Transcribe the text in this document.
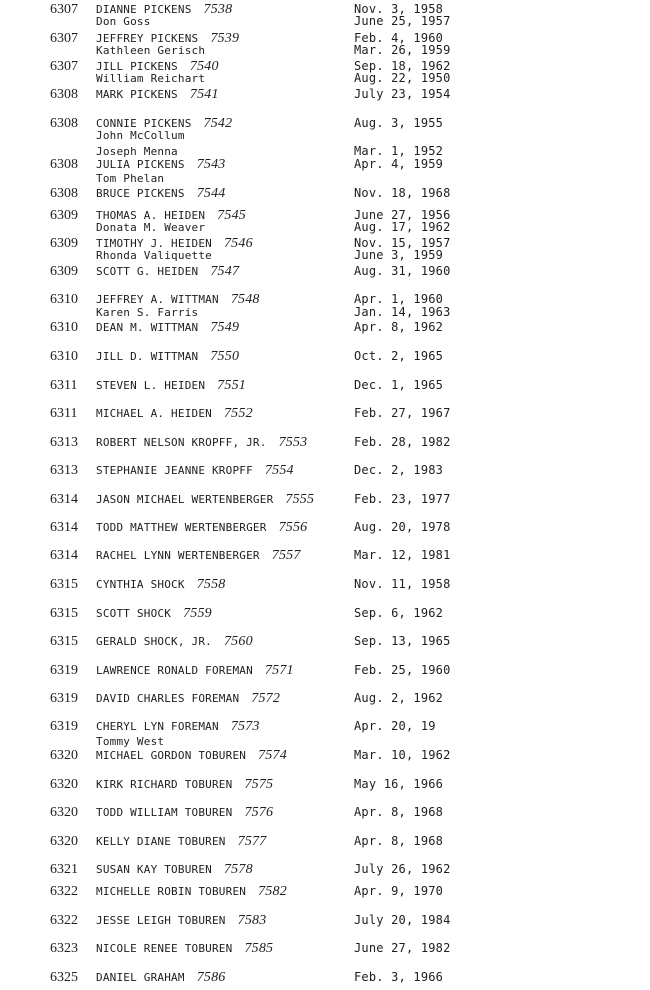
6307 DIANNE PICKENS 7538	Nov. 3, 1958
Don Goss	June 25, 1957
6307 JEFFREY PICKENS 7539	Feb. 4, 1960
Kathleen Gerisch	Mar. 26, 1959
6307 JILL PICKENS 7540	Sep. 18, 1962
William Reichart	Aug. 22, 1950
6308 MARK PICKENS 7541	July 23, 1954
6308 CONNIE PICKENS 7542	Aug. 3, 1955
John McCollum
Joseph Menna	Mar. 1, 1952
6308 JULIA PICKENS 7543	Apr. 4, 1959
Tom Phelan
6308 BRUCE PICKENS 7544	Nov. 18, 1968
6309 THOMAS A. HEIDEN 7545	June 27, 1956
Donata M. Weaver	Aug. 17, 1962
6309 TIMOTHY J. HEIDEN 7546	Nov. 15, 1957
Rhonda Valiquette	June 3, 1959
6309 SCOTT G. HEIDEN 7547	Aug. 31, 1960
6310 JEFFREY A. WITTMAN 7548	Apr. 1, 1960
Karen S. Farris	Jan. 14, 1963
6310 DEAN M. WITTMAN 7549	Apr. 8, 1962
6310 JILL D. WITTMAN 7550	Oct. 2, 1965
6311 STEVEN L. HEIDEN 7551	Dec. 1, 1965
6311 MICHAEL A. HEIDEN 7552	Feb. 27, 1967
6313 ROBERT NELSON KROPFF, JR. 7553	Feb. 28, 1982
6313 STEPHANIE JEANNE KROPFF 7554	Dec. 2, 1983
6314 JASON MICHAEL WERTENBERGER 7555	Feb. 23, 1977
6314 TODD MATTHEW WERTENBERGER 7556	Aug. 20, 1978
6314 RACHEL LYNN WERTENBERGER 7557	Mar. 12, 1981
6315 CYNTHIA SHOCK 7558	Nov. 11, 1958
6315 SCOTT SHOCK 7559	Sep. 6, 1962
6315 GERALD SHOCK, JR. 7560	Sep. 13, 1965
6319 LAWRENCE RONALD FOREMAN 7571	Feb. 25, 1960
6319 DAVID CHARLES FOREMAN 7572	Aug. 2, 1962
6319 CHERYL LYN FOREMAN 7573	Apr. 20, 19
Tommy West
6320 MICHAEL GORDON TOBUREN 7574	Mar. 10, 1962
6320 KIRK RICHARD TOBUREN 7575	May 16, 1966
6320 TODD WILLIAM TOBUREN 7576	Apr. 8, 1968
6320 KELLY DIANE TOBUREN 7577	Apr. 8, 1968
6321 SUSAN KAY TOBUREN 7578	July 26, 1962
6322 MICHELLE ROBIN TOBUREN 7582	Apr. 9, 1970
6322 JESSE LEIGH TOBUREN 7583	July 20, 1984
6323 NICOLE RENEE TOBUREN 7585	June 27, 1982
6325 DANIEL GRAHAM 7586	Feb. 3, 1966
